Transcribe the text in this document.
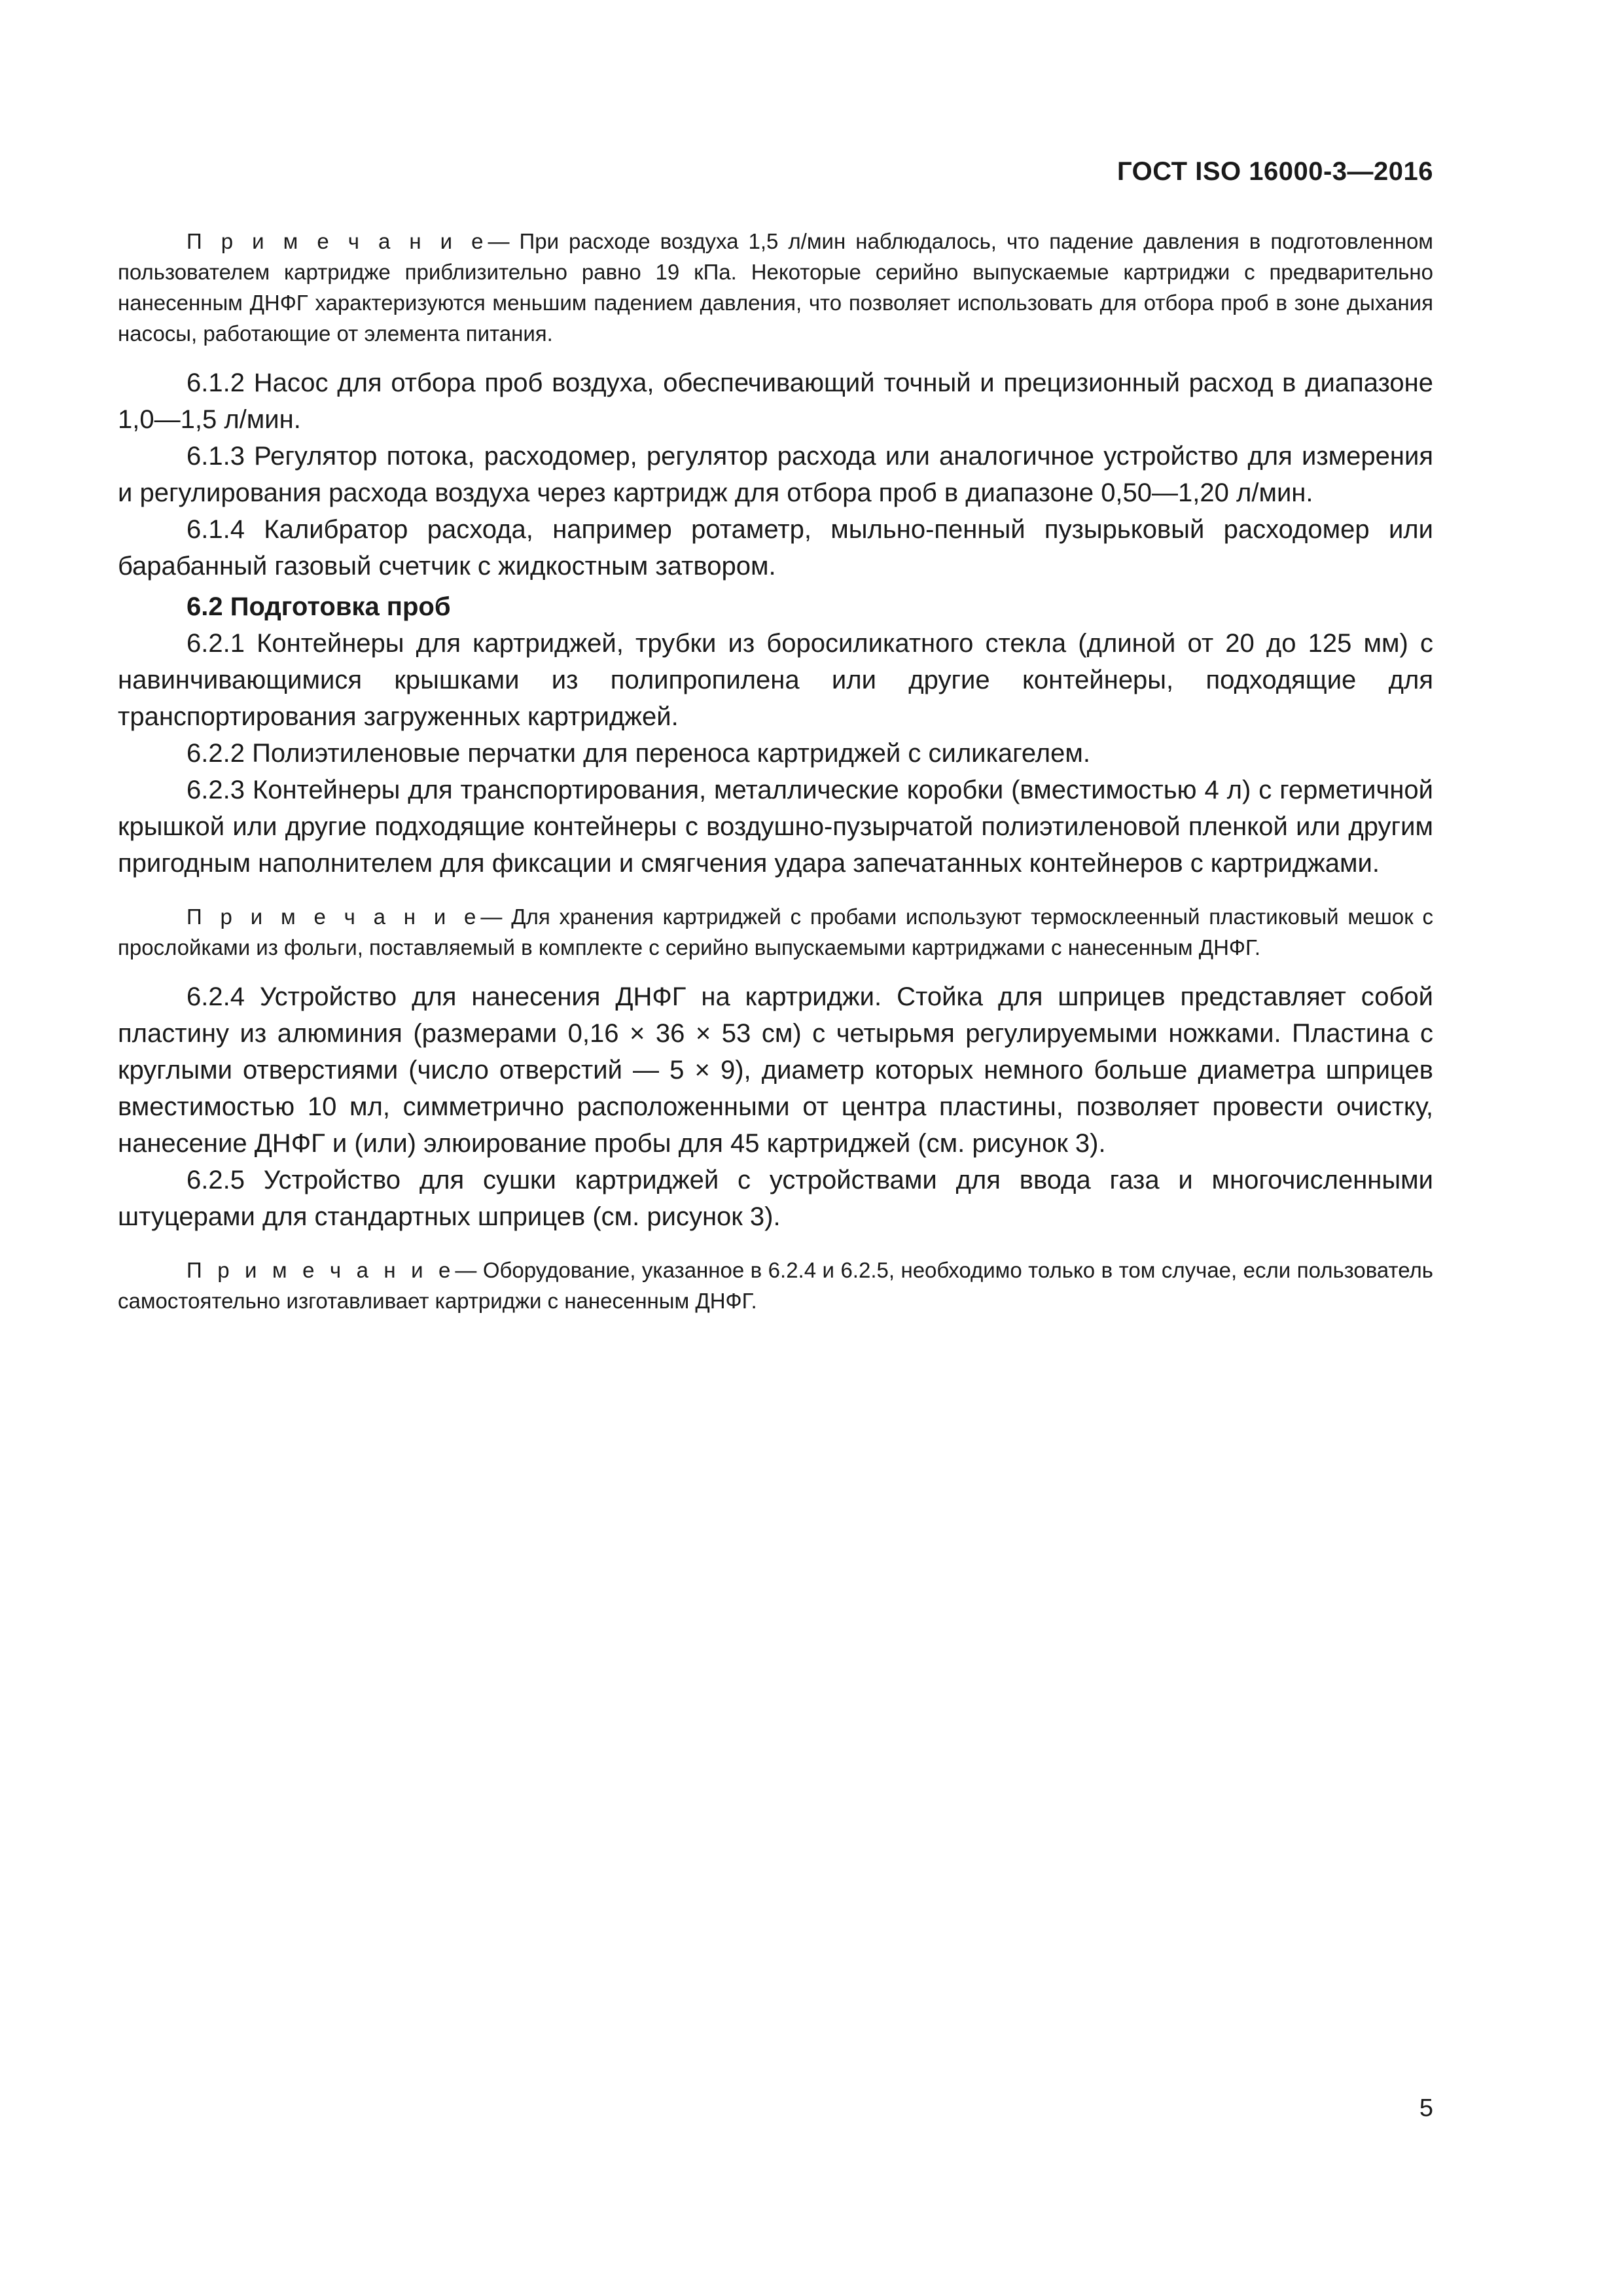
ГОСТ ISO 16000-3—2016

П р и м е ч а н и е— При расходе воздуха 1,5 л/мин наблюдалось, что падение давления в подготовленном пользователем картридже приблизительно равно 19 кПа. Некоторые серийно выпускаемые картриджи с предварительно нанесенным ДНФГ характеризуются меньшим падением давления, что позволяет использовать для отбора проб в зоне дыхания насосы, работающие от элемента питания.

6.1.2 Насос для отбора проб воздуха, обеспечивающий точный и прецизионный расход в диапазоне 1,0—1,5 л/мин.

6.1.3 Регулятор потока, расходомер, регулятор расхода или аналогичное устройство для измерения и регулирования расхода воздуха через картридж для отбора проб в диапазоне 0,50—1,20 л/мин.

6.1.4 Калибратор расхода, например ротаметр, мыльно-пенный пузырьковый расходомер или барабанный газовый счетчик с жидкостным затвором.

6.2 Подготовка проб

6.2.1 Контейнеры для картриджей, трубки из боросиликатного стекла (длиной от 20 до 125 мм) с навинчивающимися крышками из полипропилена или другие контейнеры, подходящие для транспортирования загруженных картриджей.

6.2.2 Полиэтиленовые перчатки для переноса картриджей с силикагелем.

6.2.3 Контейнеры для транспортирования, металлические коробки (вместимостью 4 л) с герметичной крышкой или другие подходящие контейнеры с воздушно-пузырчатой полиэтиленовой пленкой или другим пригодным наполнителем для фиксации и смягчения удара запечатанных контейнеров с картриджами.

П р и м е ч а н и е— Для хранения картриджей с пробами используют термосклеенный пластиковый мешок с прослойками из фольги, поставляемый в комплекте с серийно выпускаемыми картриджами с нанесенным ДНФГ.

6.2.4 Устройство для нанесения ДНФГ на картриджи. Стойка для шприцев представляет собой пластину из алюминия (размерами 0,16 × 36 × 53 см) с четырьмя регулируемыми ножками. Пластина с круглыми отверстиями (число отверстий — 5 × 9), диаметр которых немного больше диаметра шприцев вместимостью 10 мл, симметрично расположенными от центра пластины, позволяет провести очистку, нанесение ДНФГ и (или) элюирование пробы для 45 картриджей (см. рисунок 3).

6.2.5 Устройство для сушки картриджей с устройствами для ввода газа и многочисленными штуцерами для стандартных шприцев (см. рисунок 3).

П р и м е ч а н и е— Оборудование, указанное в 6.2.4 и 6.2.5, необходимо только в том случае, если пользователь самостоятельно изготавливает картриджи с нанесенным ДНФГ.

5
